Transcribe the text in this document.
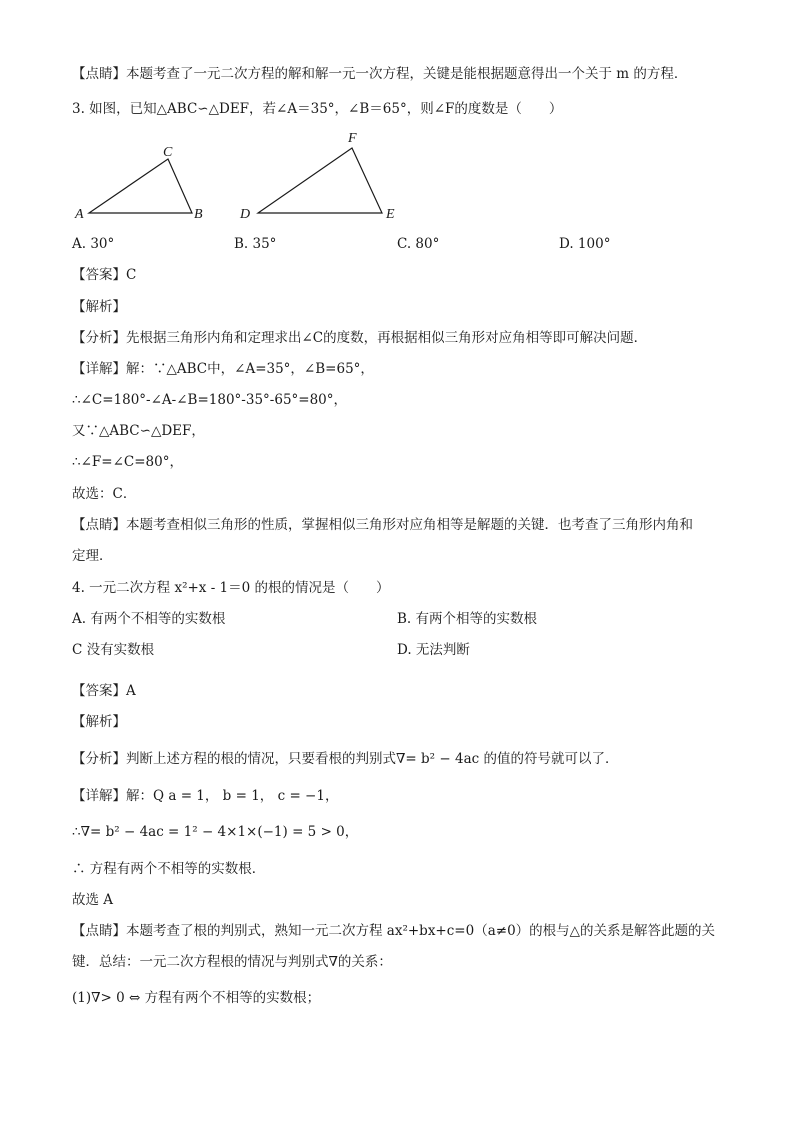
【点睛】本题考查了一元二次方程的解和解一元一次方程，关键是能根据题意得出一个关于 m 的方程．
3. 如图，已知△ABC∽△DEF，若∠A＝35°，∠B＝65°，则∠F的度数是（　　）
A	B
C
D	E
F
A. 30°	B. 35°	C. 80°	D. 100°
【答案】C
【解析】
【分析】先根据三角形内角和定理求出∠C的度数，再根据相似三角形对应角相等即可解决问题．
【详解】解：∵△ABC中，∠A=35°，∠B=65°，
∴∠C=180°-∠A-∠B=180°-35°-65°=80°，
又∵△ABC∽△DEF，
∴∠F=∠C=80°，
故选：C．
【点睛】本题考查相似三角形的性质，掌握相似三角形对应角相等是解题的关键．也考查了三角形内角和
定理．
4. 一元二次方程 x²+x - 1＝0 的根的情况是（　　）
A. 有两个不相等的实数根	B. 有两个相等的实数根
C 没有实数根	D. 无法判断
【答案】A
【解析】
【分析】判断上述方程的根的情况，只要看根的判别式∇= b² − 4ac 的值的符号就可以了．
【详解】解：Q a = 1， b = 1， c = −1，
∴∇= b² − 4ac = 1² − 4×1×(−1) = 5 > 0，
∴ 方程有两个不相等的实数根．
故选 A
【点睛】本题考查了根的判别式，熟知一元二次方程 ax²+bx+c=0（a≠0）的根与△的关系是解答此题的关
键．总结：一元二次方程根的情况与判别式∇的关系：
(1)∇> 0 ⇔ 方程有两个不相等的实数根；
